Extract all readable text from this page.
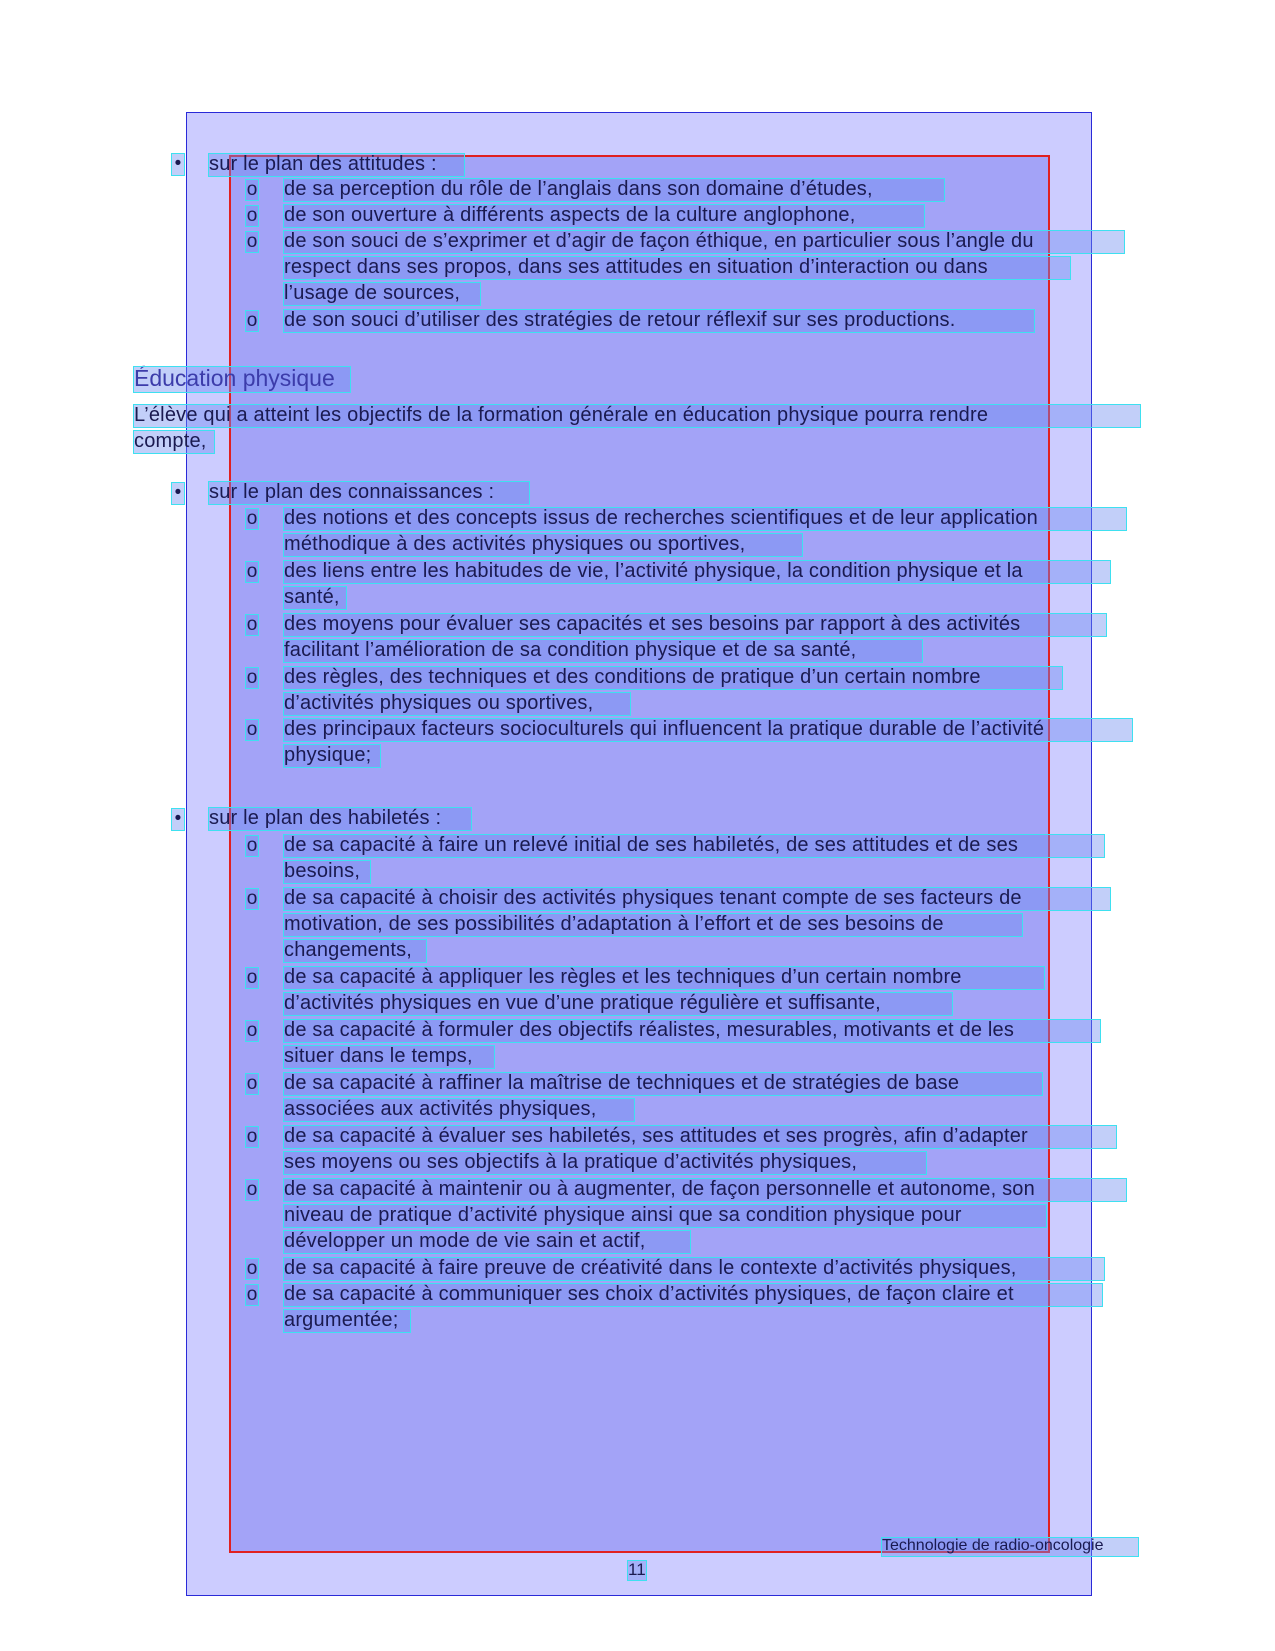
• sur le plan des attitudes :
o de sa perception du rôle de l’anglais dans son domaine d’études,
o de son ouverture à différents aspects de la culture anglophone,
o de son souci de s’exprimer et d’agir de façon éthique, en particulier sous l’angle du
respect dans ses propos, dans ses attitudes en situation d’interaction ou dans
l’usage de sources,
o de son souci d’utiliser des stratégies de retour réflexif sur ses productions.
Éducation physique
L’élève qui a atteint les objectifs de la formation générale en éducation physique pourra rendre
compte,
• sur le plan des connaissances :
o des notions et des concepts issus de recherches scientifiques et de leur application
méthodique à des activités physiques ou sportives,
o des liens entre les habitudes de vie, l’activité physique, la condition physique et la
santé,
o des moyens pour évaluer ses capacités et ses besoins par rapport à des activités
facilitant l’amélioration de sa condition physique et de sa santé,
o des règles, des techniques et des conditions de pratique d’un certain nombre
d’activités physiques ou sportives,
o des principaux facteurs socioculturels qui influencent la pratique durable de l’activité
physique;
• sur le plan des habiletés :
o de sa capacité à faire un relevé initial de ses habiletés, de ses attitudes et de ses
besoins,
o de sa capacité à choisir des activités physiques tenant compte de ses facteurs de
motivation, de ses possibilités d’adaptation à l’effort et de ses besoins de
changements,
o de sa capacité à appliquer les règles et les techniques d’un certain nombre
d’activités physiques en vue d’une pratique régulière et suffisante,
o de sa capacité à formuler des objectifs réalistes, mesurables, motivants et de les
situer dans le temps,
o de sa capacité à raffiner la maîtrise de techniques et de stratégies de base
associées aux activités physiques,
o de sa capacité à évaluer ses habiletés, ses attitudes et ses progrès, afin d’adapter
ses moyens ou ses objectifs à la pratique d’activités physiques,
o de sa capacité à maintenir ou à augmenter, de façon personnelle et autonome, son
niveau de pratique d’activité physique ainsi que sa condition physique pour
développer un mode de vie sain et actif,
o de sa capacité à faire preuve de créativité dans le contexte d’activités physiques,
o de sa capacité à communiquer ses choix d’activités physiques, de façon claire et
argumentée;
Technologie de radio-oncologie
11
